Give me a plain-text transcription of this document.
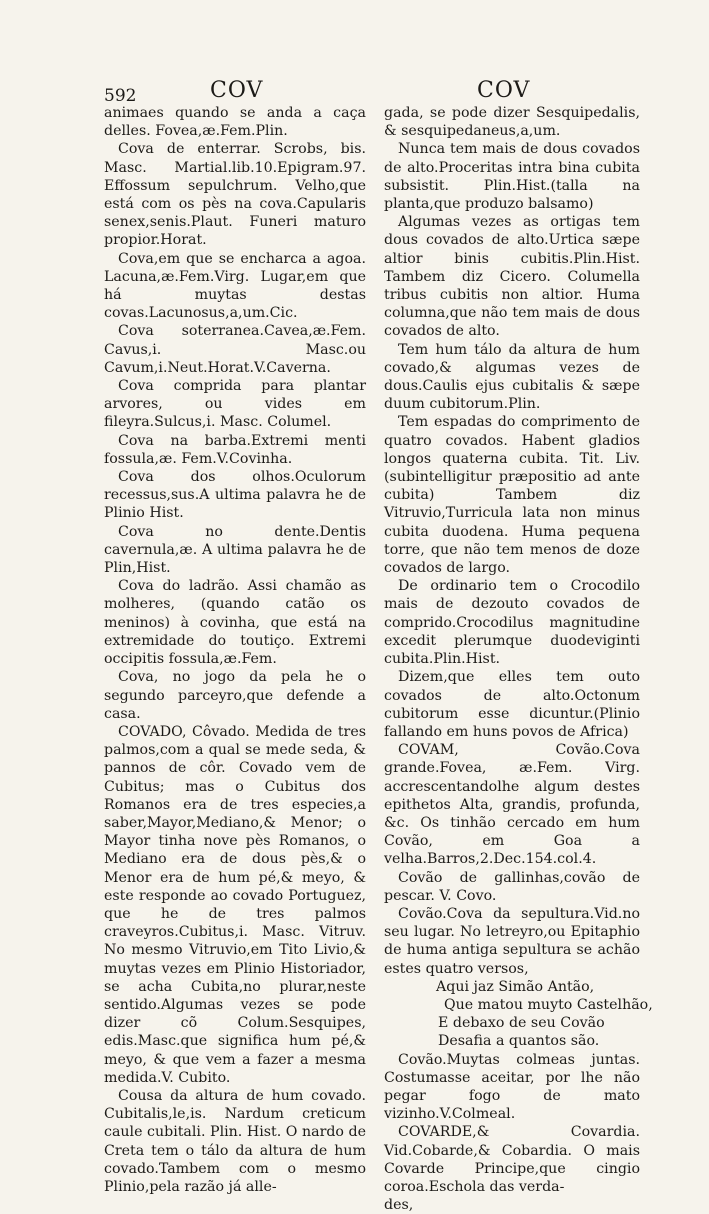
592	COV	COV

animaes quando se anda a caça delles. Fovea,æ.Fem.Plin.

Cova de enterrar. Scrobs, bis. Masc. Martial.lib.10.Epigram.97. Effossum sepulchrum. Velho,que está com os pès na cova.Capularis senex,senis.Plaut. Funeri maturo propior.Horat.

Cova,em que se encharca a agoa. Lacuna,æ.Fem.Virg. Lugar,em que há muytas destas covas.Lacunosus,a,um.Cic.

Cova soterranea.Cavea,æ.Fem. Cavus,i. Masc.ou Cavum,i.Neut.Horat.V.Caverna.

Cova comprida para plantar arvores, ou vides em fileyra.Sulcus,i. Masc. Columel.

Cova na barba.Extremi menti fossula,æ. Fem.V.Covinha.

Cova dos olhos.Oculorum recessus,sus.A ultima palavra he de Plinio Hist.

Cova no dente.Dentis cavernula,æ. A ultima palavra he de Plin,Hist.

Cova do ladrão. Assi chamão as molheres, (quando catão os meninos) à covinha, que está na extremidade do toutiço. Extremi occipitis fossula,æ.Fem.

Cova, no jogo da pela he o segundo parceyro,que defende a casa.

COVADO, Côvado. Medida de tres palmos,com a qual se mede seda, & pannos de côr. Covado vem de Cubitus; mas o Cubitus dos Romanos era de tres especies,a saber,Mayor,Mediano,& Menor; o Mayor tinha nove pès Romanos, o Mediano era de dous pès,& o Menor era de hum pé,& meyo, & este responde ao covado Portuguez, que he de tres palmos craveyros.Cubitus,i. Masc. Vitruv. No mesmo Vitruvio,em Tito Livio,& muytas vezes em Plinio Historiador, se acha Cubita,no plurar,neste sentido.Algumas vezes se pode dizer cõ Colum.Sesquipes, edis.Masc.que significa hum pé,& meyo, & que vem a fazer a mesma medida.V. Cubito.

Cousa da altura de hum covado. Cubitalis,le,is. Nardum creticum caule cubitali. Plin. Hist. O nardo de Creta tem o tálo da altura de hum covado.Tambem com o mesmo Plinio,pela razão já alle-

gada, se pode dizer Sesquipedalis, & sesquipedaneus,a,um.

Nunca tem mais de dous covados de alto.Proceritas intra bina cubita subsistit. Plin.Hist.(talla na planta,que produzo balsamo)

Algumas vezes as ortigas tem dous covados de alto.Urtica sæpe altior binis cubitis.Plin.Hist. Tambem diz Cicero. Columella tribus cubitis non altior. Huma columna,que não tem mais de dous covados de alto.

Tem hum tálo da altura de hum covado,& algumas vezes de dous.Caulis ejus cubitalis & sæpe duum cubitorum.Plin.

Tem espadas do comprimento de quatro covados. Habent gladios longos quaterna cubita. Tit. Liv. (subintelligitur præpositio ad ante cubita) Tambem diz Vitruvio,Turricula lata non minus cubita duodena. Huma pequena torre, que não tem menos de doze covados de largo.

De ordinario tem o Crocodilo mais de dezouto covados de comprido.Crocodilus magnitudine excedit plerumque duodeviginti cubita.Plin.Hist.

Dizem,que elles tem outo covados de alto.Octonum cubitorum esse dicuntur.(Plinio fallando em huns povos de Africa)

COVAM, Covão.Cova grande.Fovea, æ.Fem. Virg. accrescentandolhe algum destes epithetos Alta, grandis, profunda, &c. Os tinhão cercado em hum Covão, em Goa a velha.Barros,2.Dec.154.col.4.

Covão de gallinhas,covão de pescar. V. Covo.

Covão.Cova da sepultura.Vid.no seu lugar. No letreyro,ou Epitaphio de huma antiga sepultura se achão estes quatro versos,

Aqui jaz Simão Antão,
Que matou muyto Castelhão,
E debaxo de seu Covão
Desafia a quantos são.

Covão.Muytas colmeas juntas. Costumasse aceitar, por lhe não pegar fogo de mato vizinho.V.Colmeal.

COVARDE,& Covardia. Vid.Cobarde,& Cobardia. O mais Covarde Principe,que cingio coroa.Eschola das verda-

des,
